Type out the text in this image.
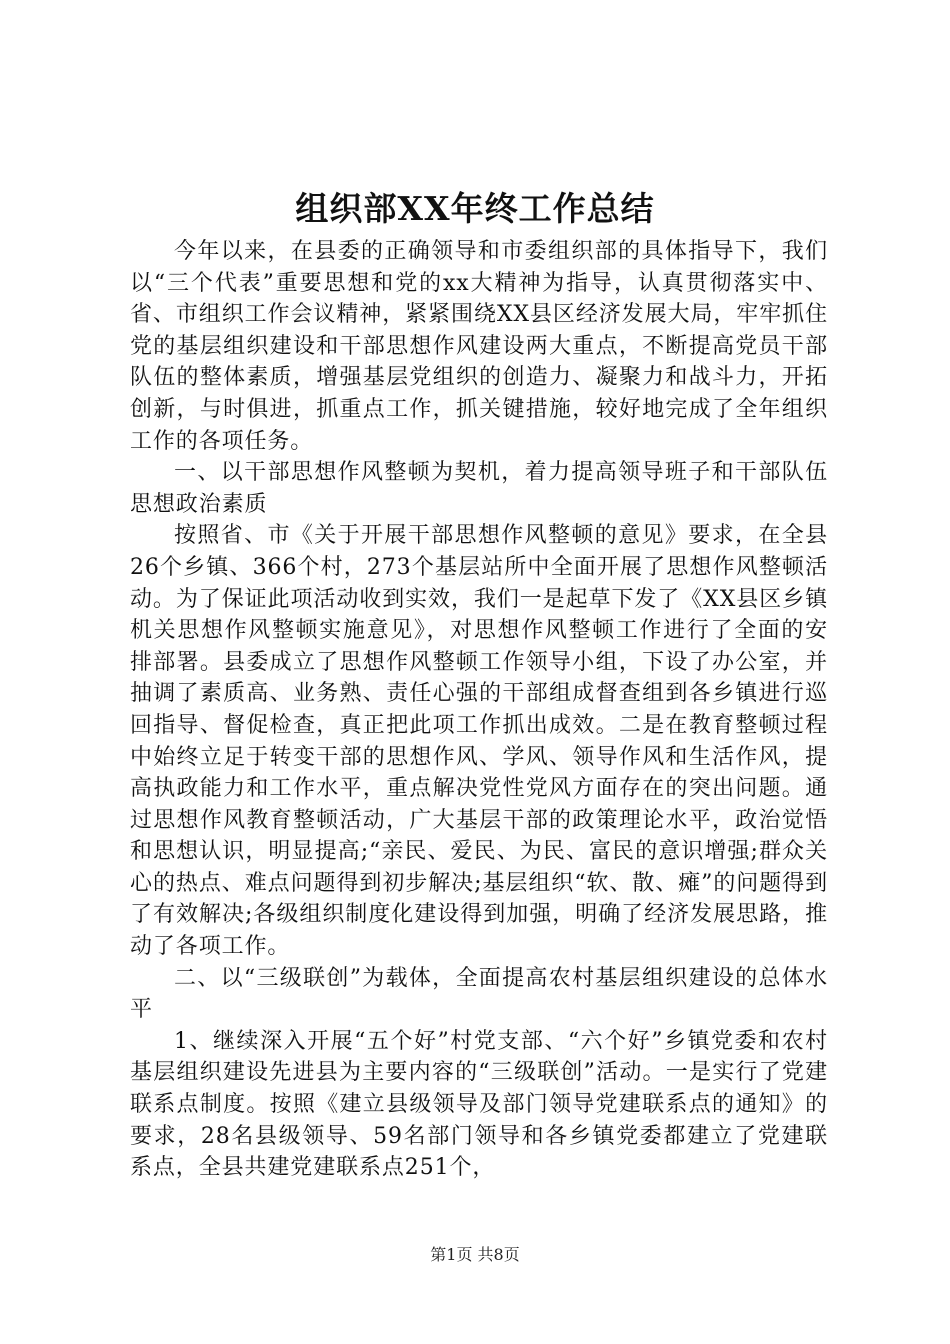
组织部XX年终工作总结

今年以来，在县委的正确领导和市委组织部的具体指导下，我们以“三个代表”重要思想和党的xx大精神为指导，认真贯彻落实中、省、市组织工作会议精神，紧紧围绕XX县区经济发展大局，牢牢抓住党的基层组织建设和干部思想作风建设两大重点，不断提高党员干部队伍的整体素质，增强基层党组织的创造力、凝聚力和战斗力，开拓创新，与时俱进，抓重点工作，抓关键措施，较好地完成了全年组织工作的各项任务。

一、以干部思想作风整顿为契机，着力提高领导班子和干部队伍思想政治素质

按照省、市《关于开展干部思想作风整顿的意见》要求，在全县26个乡镇、366个村，273个基层站所中全面开展了思想作风整顿活动。为了保证此项活动收到实效，我们一是起草下发了《XX县区乡镇机关思想作风整顿实施意见》，对思想作风整顿工作进行了全面的安排部署。县委成立了思想作风整顿工作领导小组，下设了办公室，并抽调了素质高、业务熟、责任心强的干部组成督查组到各乡镇进行巡回指导、督促检查，真正把此项工作抓出成效。二是在教育整顿过程中始终立足于转变干部的思想作风、学风、领导作风和生活作风，提高执政能力和工作水平，重点解决党性党风方面存在的突出问题。通过思想作风教育整顿活动，广大基层干部的政策理论水平，政治觉悟和思想认识，明显提高;“亲民、爱民、为民、富民的意识增强;群众关心的热点、难点问题得到初步解决;基层组织“软、散、瘫”的问题得到了有效解决;各级组织制度化建设得到加强，明确了经济发展思路，推动了各项工作。

二、以“三级联创”为载体，全面提高农村基层组织建设的总体水平

1、继续深入开展“五个好”村党支部、“六个好”乡镇党委和农村基层组织建设先进县为主要内容的“三级联创”活动。一是实行了党建联系点制度。按照《建立县级领导及部门领导党建联系点的通知》的要求，28名县级领导、59名部门领导和各乡镇党委都建立了党建联系点，全县共建党建联系点251个，

第1页 共8页
